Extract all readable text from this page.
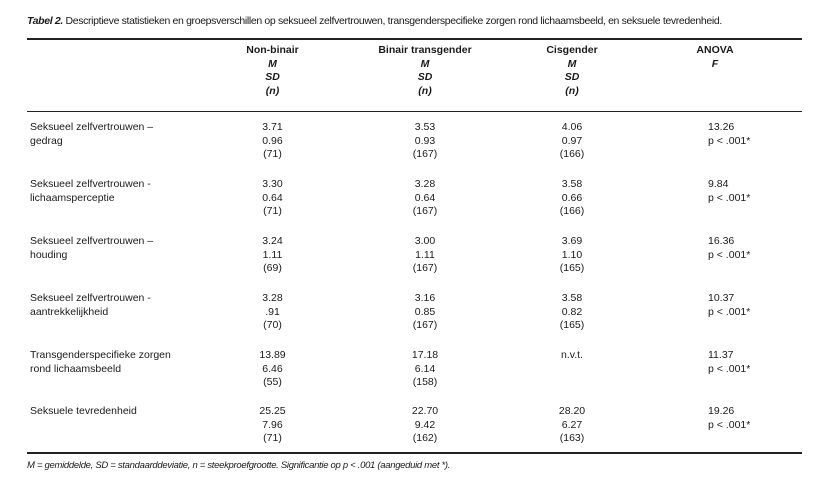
Tabel 2. Descriptieve statistieken en groepsverschillen op seksueel zelfvertrouwen, transgenderspecifieke zorgen rond lichaamsbeeld, en seksuele tevredenheid.
Non-binair
M
SD
(n)
Binair transgender
M
SD
(n)
Cisgender
M
SD
(n)
ANOVA
F
Seksueel zelfvertrouwen –
gedrag
3.71
0.96
(71)
3.53
0.93
(167)
4.06
0.97
(166)
13.26
p < .001*
Seksueel zelfvertrouwen -
lichaamsperceptie
3.30
0.64
(71)
3.28
0.64
(167)
3.58
0.66
(166)
9.84
p < .001*
Seksueel zelfvertrouwen –
houding
3.24
1.11
(69)
3.00
1.11
(167)
3.69
1.10
(165)
16.36
p < .001*
Seksueel zelfvertrouwen -
aantrekkelijkheid
3.28
.91
(70)
3.16
0.85
(167)
3.58
0.82
(165)
10.37
p < .001*
Transgenderspecifieke zorgen
rond lichaamsbeeld
13.89
6.46
(55)
17.18
6.14
(158)
n.v.t.

	11.37
p < .001*
Seksuele tevredenheid	25.25
7.96
(71)
22.70
9.42
(162)
28.20
6.27
(163)
19.26
p < .001*
M = gemiddelde, SD = standaarddeviatie, n = steekproefgrootte. Significantie op p < .001 (aangeduid met *).
